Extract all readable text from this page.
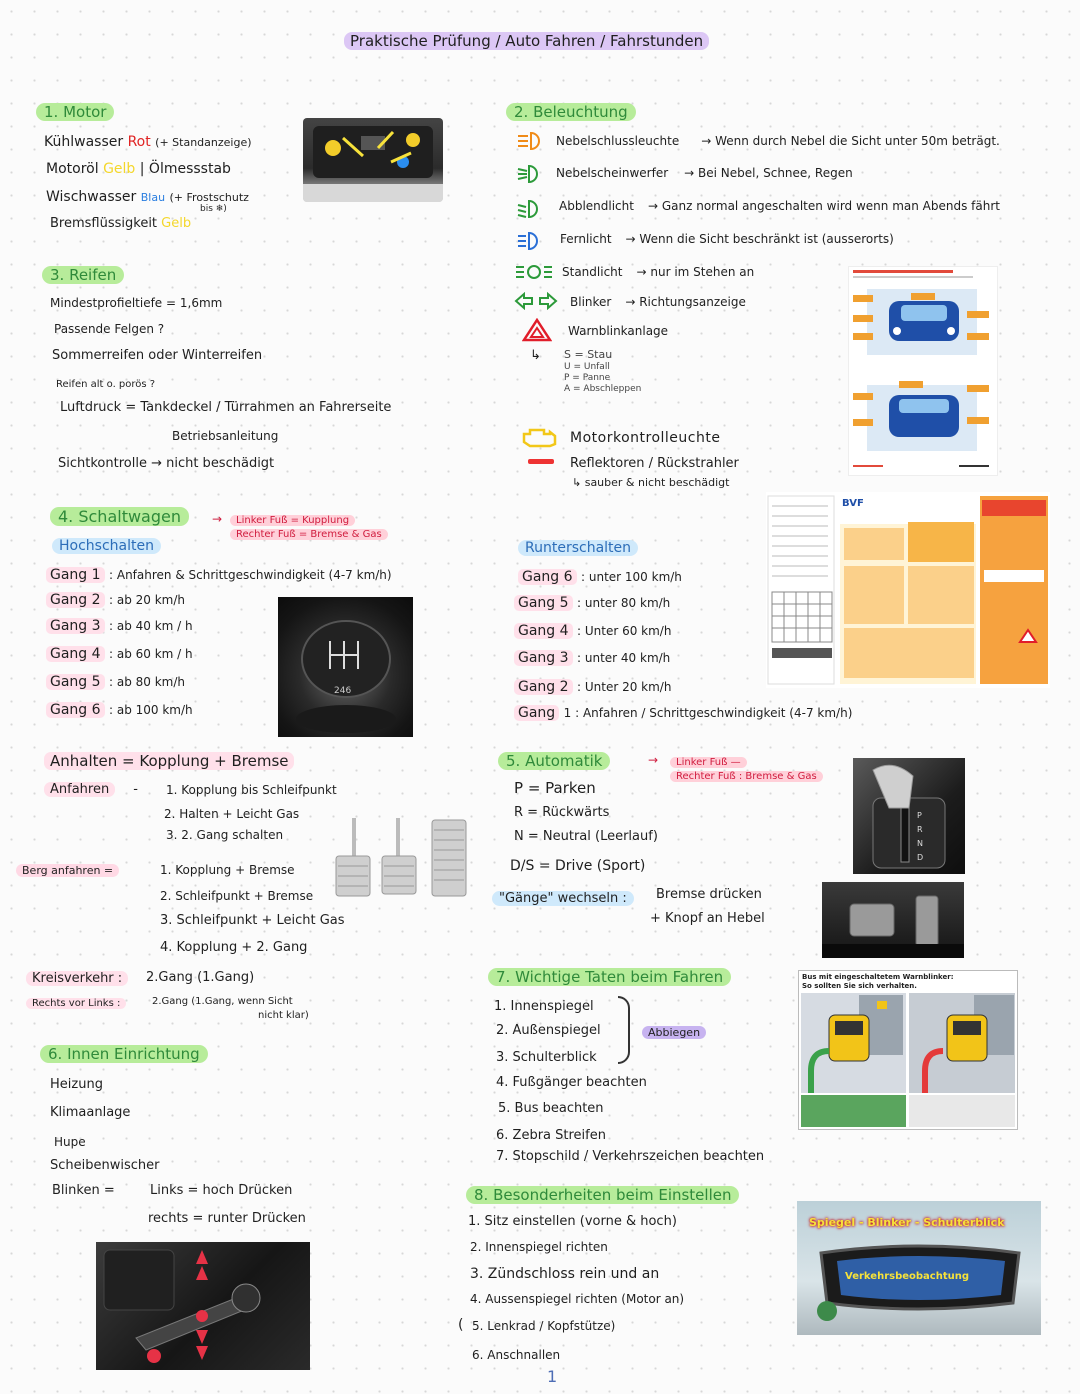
Praktische Prüfung / Auto Fahren / Fahrstunden
1. Motor
Kühlwasser Rot (+ Standanzeige)
Motoröl Gelb | Ölmessstab
Wischwasser Blau (+ Frostschutz
bis ❄)
Bremsflüssigkeit Gelb
3. Reifen
Mindestprofieltiefe = 1,6mm
Passende Felgen ?
Sommerreifen oder Winterreifen
Reifen alt o. porös ?
Luftdruck = Tankdeckel / Türrahmen an Fahrerseite
Betriebsanleitung
Sichtkontrolle → nicht beschädigt
2. Beleuchtung
↳
Nebelschlussleuchte → Wenn durch Nebel die Sicht unter 50m beträgt.
Nebelscheinwerfer → Bei Nebel, Schnee, Regen
Abblendlicht → Ganz normal angeschalten wird wenn man Abends fährt
Fernlicht → Wenn die Sicht beschränkt ist (ausserorts)
Standlicht → nur im Stehen an
Blinker → Richtungsanzeige
Warnblinkanlage
S = Stau
U = Unfall
P = Panne
A = Abschleppen
Motorkontrolleuchte
Reflektoren / Rückstrahler
↳ sauber & nicht beschädigt
BVF
4. Schaltwagen	→	Linker Fuß = Kupplung
Rechter Fuß = Bremse & Gas
Hochschalten
Gang 1 : Anfahren & Schrittgeschwindigkeit (4-7 km/h)
Gang 2 : ab 20 km/h
Gang 3 : ab 40 km / h
Gang 4 : ab 60 km / h
Gang 5 : ab 80 km/h
Gang 6 : ab 100 km/h
246
Runterschalten
Gang 6 : unter 100 km/h
Gang 5 : unter 80 km/h
Gang 4 : Unter 60 km/h
Gang 3 : unter 40 km/h
Gang 2 : Unter 20 km/h
Gang 1 : Anfahren / Schrittgeschwindigkeit (4-7 km/h)
Anhalten = Kopplung + Bremse
Anfahren - 1. Kopplung bis Schleifpunkt
2. Halten + Leicht Gas
3. 2. Gang schalten
Berg anfahren =	1. Kopplung + Bremse
2. Schleifpunkt + Bremse
3. Schleifpunkt + Leicht Gas
4. Kopplung + 2. Gang
Kreisverkehr :	2.Gang (1.Gang)
Rechts vor Links :	2.Gang (1.Gang, wenn Sicht
nicht klar)
5. Automatik	→	Linker Fuß —
Rechter Fuß : Bremse & Gas
P = Parken
R = Rückwärts
N = Neutral (Leerlauf)
D/S = Drive (Sport)
"Gänge" wechseln :	Bremse drücken
+ Knopf an Hebel
P
R
N
D
6. Innen Einrichtung
Heizung
Klimaanlage
Hupe
Scheibenwischer
Blinken =	Links = hoch Drücken
rechts = runter Drücken
7. Wichtige Taten beim Fahren
1. Innenspiegel
2. Außenspiegel
3. Schulterblick
4. Fußgänger beachten
5. Bus beachten
6. Zebra Streifen
7. Stopschild / Verkehrszeichen beachten
Abbiegen
Bus mit eingeschaltetem Warnblinker:
So sollten Sie sich verhalten.
8. Besonderheiten beim Einstellen
1. Sitz einstellen (vorne & hoch)
2. Innenspiegel richten
3. Zündschloss rein und an
4. Aussenspiegel richten (Motor an)
( 5. Lenkrad / Kopfstütze)
6. Anschnallen
Spiegel - Blinker - Schulterblick
Verkehrsbeobachtung
1
